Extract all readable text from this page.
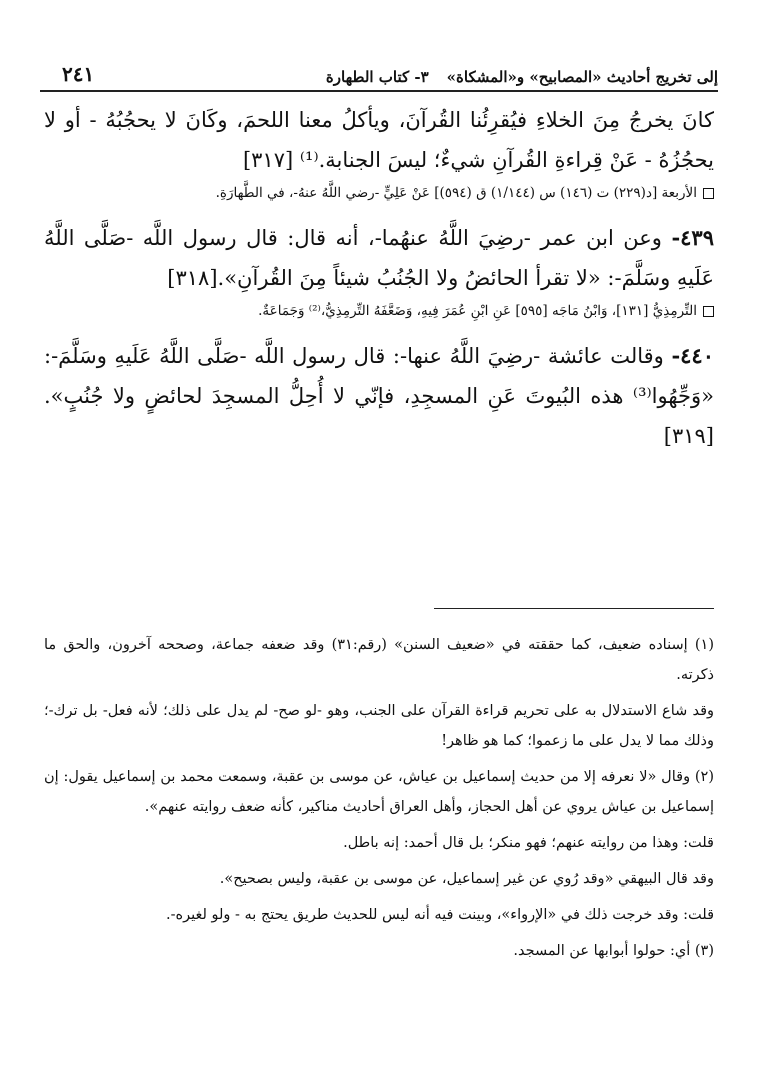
إلى تخريج أحاديث «المصابيح» و«المشكاة»٣- كتاب الطهارة
٢٤١

كانَ يخرجُ مِنَ الخلاءِ فيُقرِئُنا القُرآنَ، ويأكلُ معنا اللحمَ، وكَانَ لا يحجُبُهُ - أو لا يحجُزُهُ - عَنْ قِراءةِ القُرآنِ شيءٌ؛ ليسَ الجنابة.⁽¹⁾ [٣١٧]

الأربعة [د(٢٢٩) ت (١٤٦) س (١/١٤٤) ق (٥٩٤)] عَنْ عَلِيٍّ -رضي اللَّهُ عنهُ-، في الطَّهارَةِ.

٤٣٩- وعن ابن عمر -رضِيَ اللَّهُ عنهُما-، أنه قال: قال رسول اللَّه -صَلَّى اللَّهُ عَلَيهِ وسَلَّمَ-: «لا تقرأ الحائضُ ولا الجُنُبُ شيئاً مِنَ القُرآنِ».[٣١٨]

التِّرمِذِيُّ [١٣١]، وَابْنُ مَاجَه [٥٩٥] عَنِ ابْنِ عُمَرَ فِيهِ، وَضَعَّفَهُ التِّرمِذِيُّ،⁽²⁾ وَجَمَاعَةٌ.

٤٤٠- وقالت عائشة -رضِيَ اللَّهُ عنها-: قال رسول اللَّه -صَلَّى اللَّهُ عَلَيهِ وسَلَّمَ-: «وَجِّهُوا⁽³⁾ هذه البُيوتَ عَنِ المسجِدِ، فإنّي لا أُحِلُّ المسجِدَ لحائضٍ ولا جُنُبٍ».[٣١٩]

(١) إسناده ضعيف، كما حققته في «ضعيف السنن» (رقم:٣١) وقد ضعفه جماعة، وصححه آخرون، والحق ما ذكرته.

وقد شاع الاستدلال به على تحريم قراءة القرآن على الجنب، وهو -لو صح- لم يدل على ذلك؛ لأنه فعل- بل ترك-؛ وذلك مما لا يدل على ما زعموا؛ كما هو ظاهر!

(٢) وقال «لا نعرفه إلا من حديث إسماعيل بن عياش، عن موسى بن عقبة، وسمعت محمد بن إسماعيل يقول: إن إسماعيل بن عياش يروي عن أهل الحجاز، وأهل العراق أحاديث مناكير، كأنه ضعف روايته عنهم».

قلت: وهذا من روايته عنهم؛ فهو منكر؛ بل قال أحمد: إنه باطل.

وقد قال البيهقي «وقد رُوي عن غير إسماعيل، عن موسى بن عقبة، وليس بصحيح».

قلت: وقد خرجت ذلك في «الإرواء»، وبينت فيه أنه ليس للحديث طريق يحتج به - ولو لغيره-.

(٣) أي: حولوا أبوابها عن المسجد.
